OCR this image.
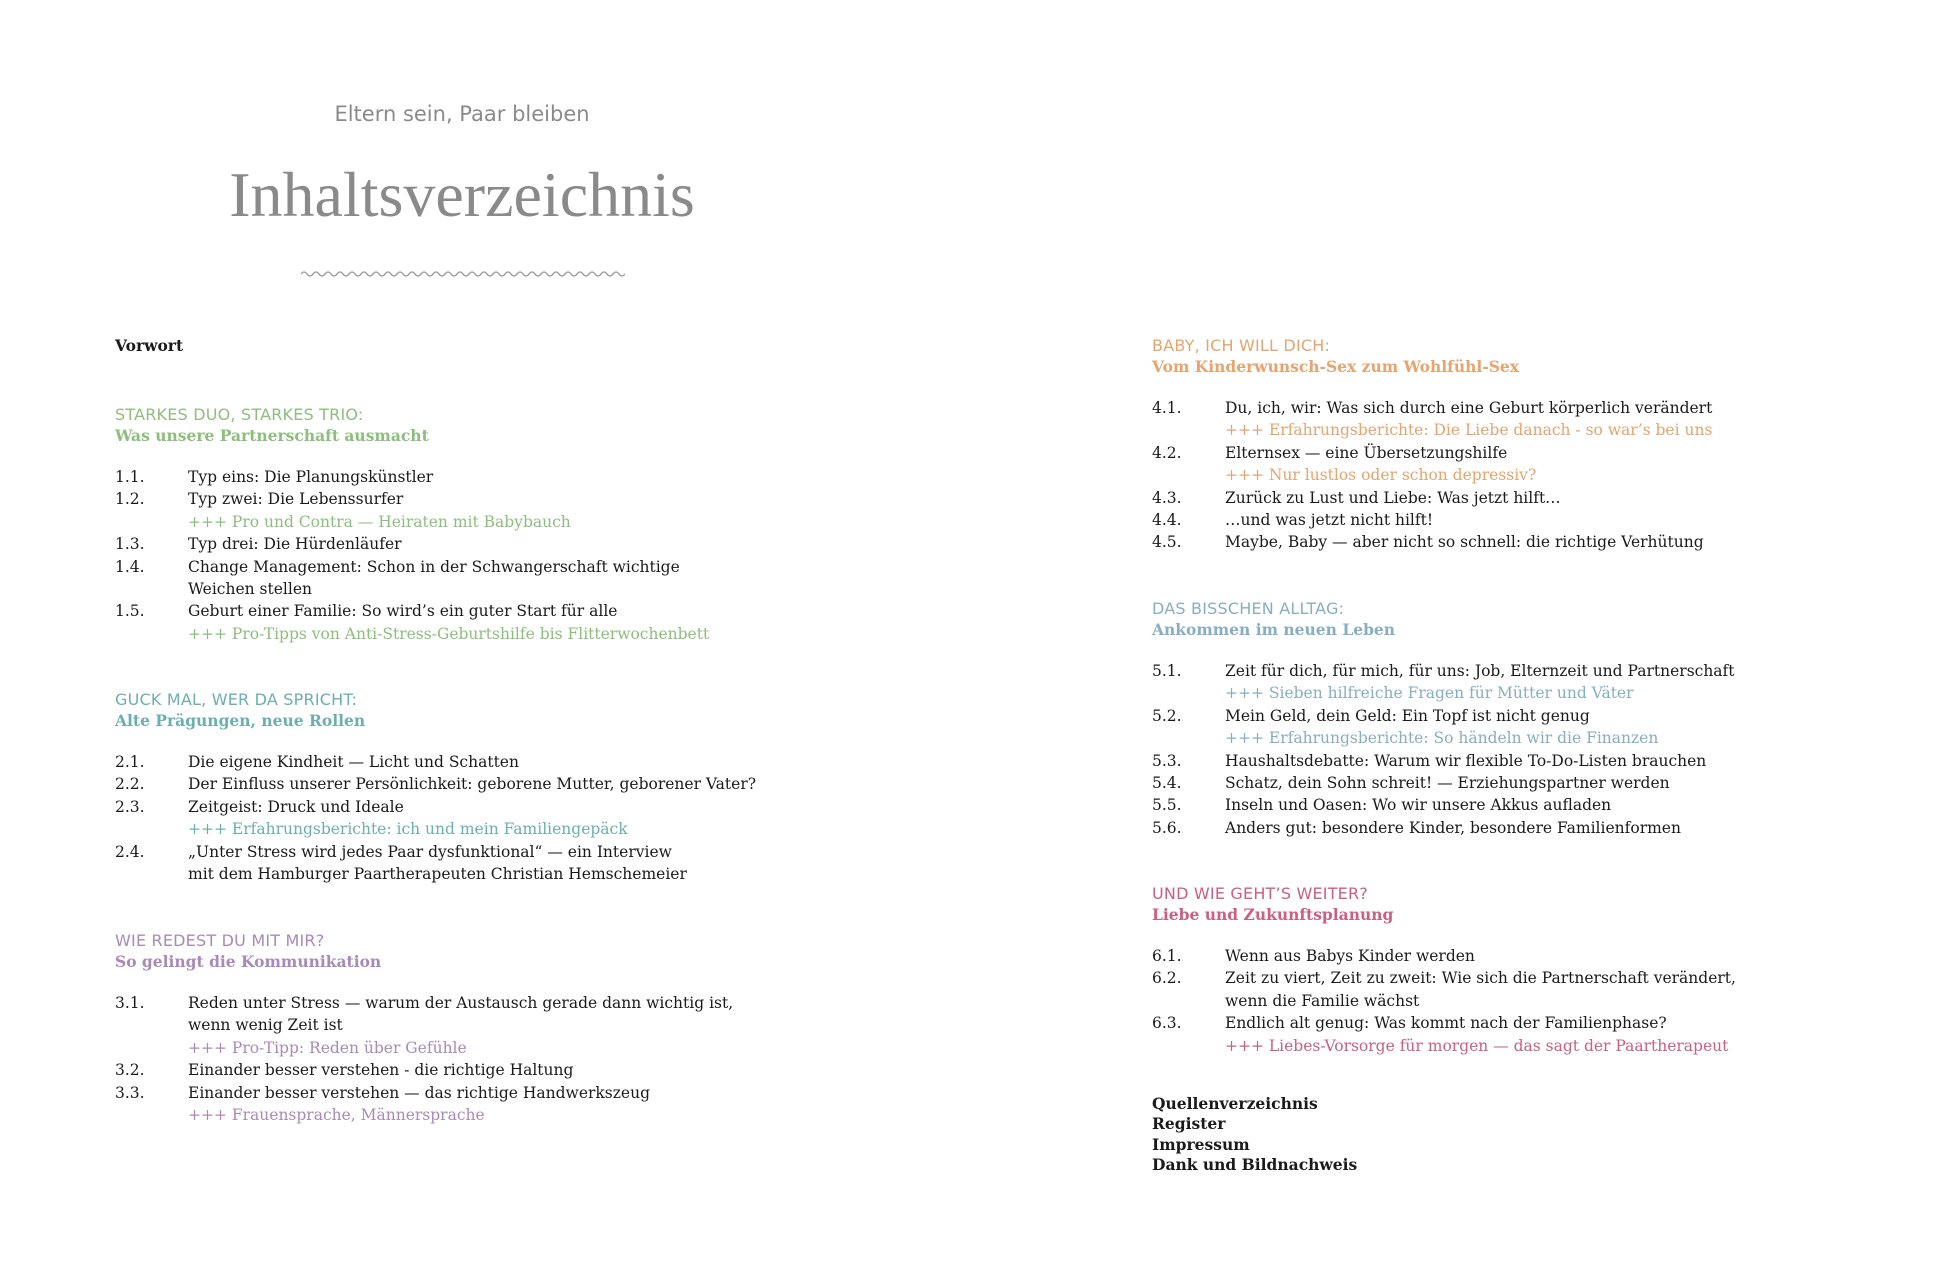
Eltern sein, Paar bleiben
Inhaltsverzeichnis
Vorwort
STARKES DUO, STARKES TRIO:
Was unsere Partnerschaft ausmacht
1.1.	Typ eins: Die Planungskünstler
1.2.	Typ zwei: Die Lebenssurfer
+++ Pro und Contra — Heiraten mit Babybauch
1.3.	Typ drei: Die Hürdenläufer
1.4.	Change Management: Schon in der Schwangerschaft wichtige
Weichen stellen
1.5.	Geburt einer Familie: So wird’s ein guter Start für alle
+++ Pro-Tipps von Anti-Stress-Geburtshilfe bis Flitterwochenbett
GUCK MAL, WER DA SPRICHT:
Alte Prägungen, neue Rollen
2.1.	Die eigene Kindheit — Licht und Schatten
2.2.	Der Einfluss unserer Persönlichkeit: geborene Mutter, geborener Vater?
2.3.	Zeitgeist: Druck und Ideale
+++ Erfahrungsberichte: ich und mein Familiengepäck
2.4.	„Unter Stress wird jedes Paar dysfunktional“ — ein Interview
mit dem Hamburger Paartherapeuten Christian Hemschemeier
WIE REDEST DU MIT MIR?
So gelingt die Kommunikation
3.1.	Reden unter Stress — warum der Austausch gerade dann wichtig ist,
wenn wenig Zeit ist
+++ Pro-Tipp: Reden über Gefühle
3.2.	Einander besser verstehen - die richtige Haltung
3.3.	Einander besser verstehen — das richtige Handwerkszeug
+++ Frauensprache, Männersprache
BABY, ICH WILL DICH:
Vom Kinderwunsch-Sex zum Wohlfühl-Sex
4.1.	Du, ich, wir: Was sich durch eine Geburt körperlich verändert
+++ Erfahrungsberichte: Die Liebe danach - so war’s bei uns
4.2.	Elternsex — eine Übersetzungshilfe
+++ Nur lustlos oder schon depressiv?
4.3.	Zurück zu Lust und Liebe: Was jetzt hilft…
4.4.	…und was jetzt nicht hilft!
4.5.	Maybe, Baby — aber nicht so schnell: die richtige Verhütung
DAS BISSCHEN ALLTAG:
Ankommen im neuen Leben
5.1.	Zeit für dich, für mich, für uns: Job, Elternzeit und Partnerschaft
+++ Sieben hilfreiche Fragen für Mütter und Väter
5.2.	Mein Geld, dein Geld: Ein Topf ist nicht genug
+++ Erfahrungsberichte: So händeln wir die Finanzen
5.3.	Haushaltsdebatte: Warum wir flexible To-Do-Listen brauchen
5.4.	Schatz, dein Sohn schreit! — Erziehungspartner werden
5.5.	Inseln und Oasen: Wo wir unsere Akkus aufladen
5.6.	Anders gut: besondere Kinder, besondere Familienformen
UND WIE GEHT’S WEITER?
Liebe und Zukunftsplanung
6.1.	Wenn aus Babys Kinder werden
6.2.	Zeit zu viert, Zeit zu zweit: Wie sich die Partnerschaft verändert,
wenn die Familie wächst
6.3.	Endlich alt genug: Was kommt nach der Familienphase?
+++ Liebes-Vorsorge für morgen — das sagt der Paartherapeut
Quellenverzeichnis
Register
Impressum
Dank und Bildnachweis
